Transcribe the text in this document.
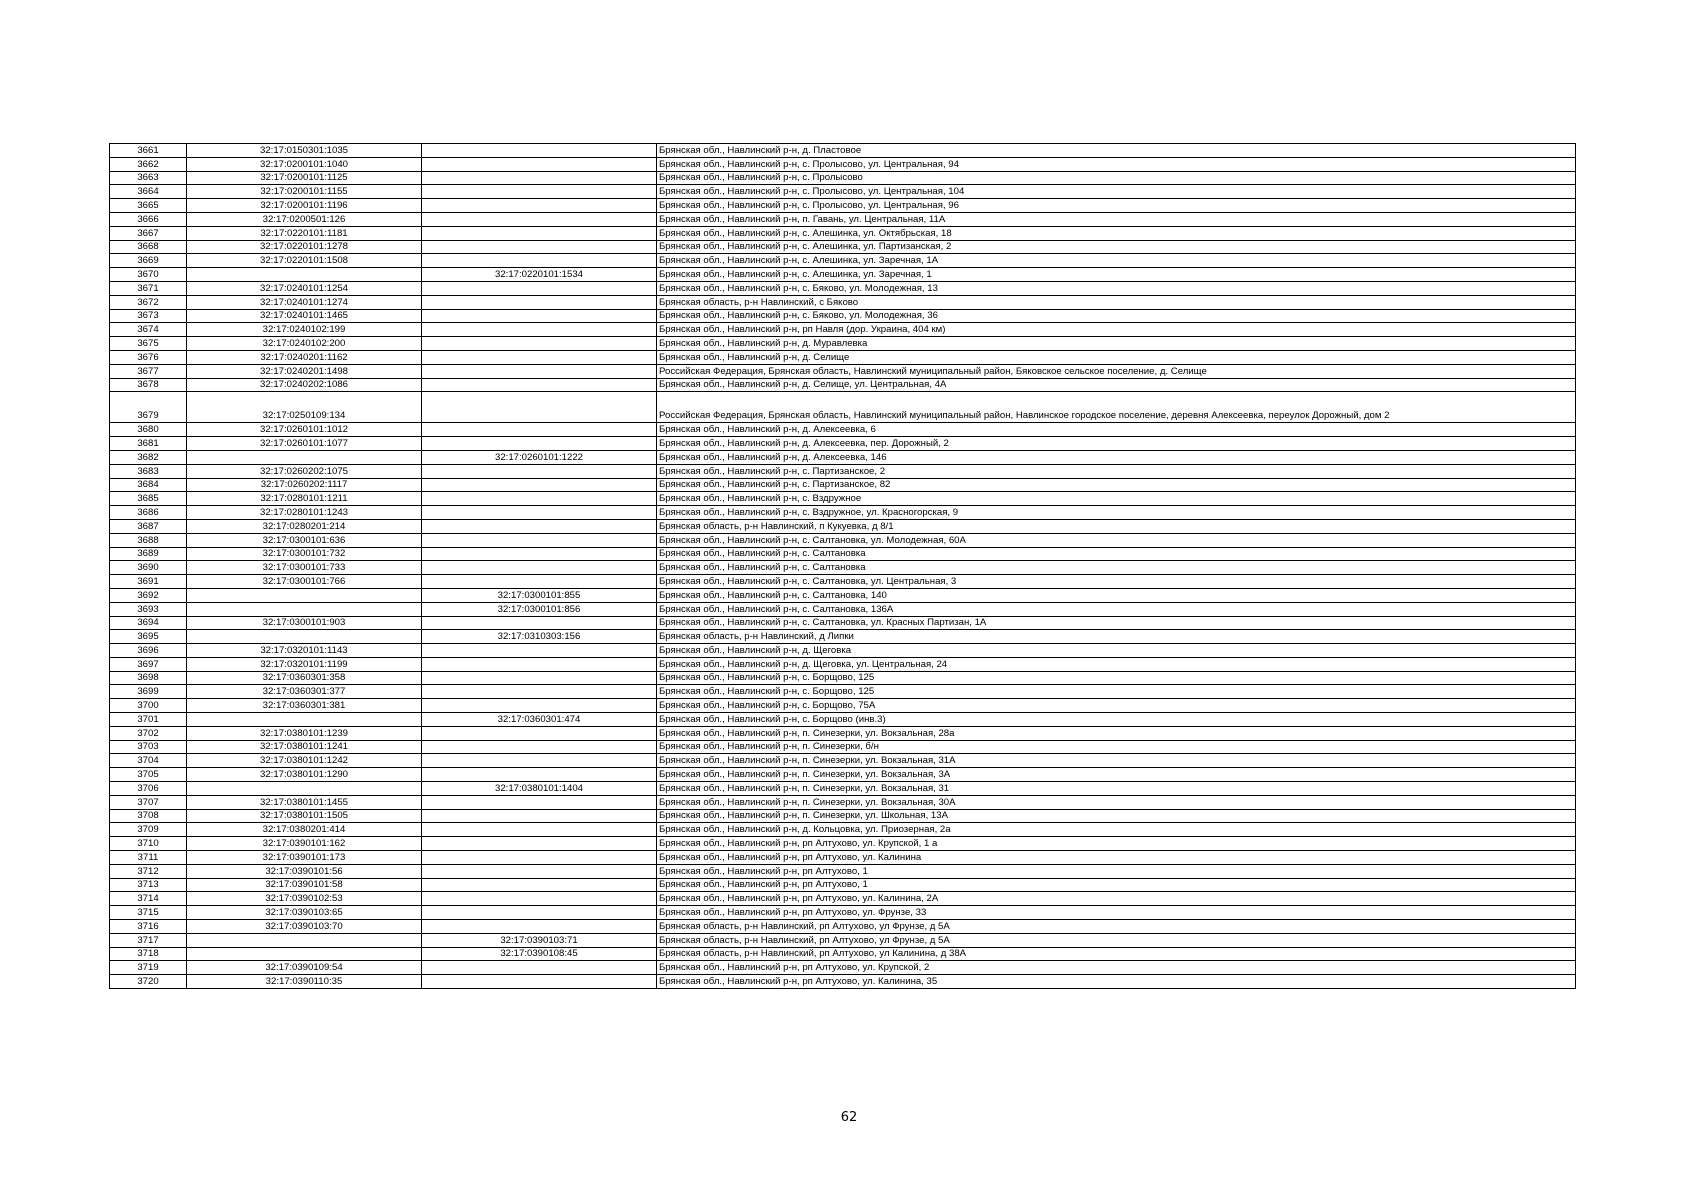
3661	32:17:0150301:1035		Брянская обл., Навлинский р-н, д. Пластовое
3662	32:17:0200101:1040		Брянская обл., Навлинский р-н, с. Пролысово, ул. Центральная, 94
3663	32:17:0200101:1125		Брянская обл., Навлинский р-н, с. Пролысово
3664	32:17:0200101:1155		Брянская обл., Навлинский р-н, с. Пролысово, ул. Центральная, 104
3665	32:17:0200101:1196		Брянская обл., Навлинский р-н, с. Пролысово, ул. Центральная, 96
3666	32:17:0200501:126		Брянская обл., Навлинский р-н, п. Гавань, ул. Центральная, 11А
3667	32:17:0220101:1181		Брянская обл., Навлинский р-н, с. Алешинка, ул. Октябрьская, 18
3668	32:17:0220101:1278		Брянская обл., Навлинский р-н, с. Алешинка, ул. Партизанская, 2
3669	32:17:0220101:1508		Брянская обл., Навлинский р-н, с. Алешинка, ул. Заречная, 1А
3670		32:17:0220101:1534	Брянская обл., Навлинский р-н, с. Алешинка, ул. Заречная, 1
3671	32:17:0240101:1254		Брянская обл., Навлинский р-н, с. Бяково, ул. Молодежная, 13
3672	32:17:0240101:1274		Брянская область, р-н Навлинский, с Бяково
3673	32:17:0240101:1465		Брянская обл., Навлинский р-н, с. Бяково, ул. Молодежная, 36
3674	32:17:0240102:199		Брянская обл., Навлинский р-н, рп Навля (дор. Украина, 404 км)
3675	32:17:0240102:200		Брянская обл., Навлинский р-н, д. Муравлевка
3676	32:17:0240201:1162		Брянская обл., Навлинский р-н, д. Селище
3677	32:17:0240201:1498		Российская Федерация, Брянская область, Навлинский муниципальный район, Бяковское сельское поселение, д. Селище
3678	32:17:0240202:1086		Брянская обл., Навлинский р-н, д. Селище, ул. Центральная, 4А
3679	32:17:0250109:134		Российская Федерация, Брянская область, Навлинский муниципальный район, Навлинское городское поселение, деревня Алексеевка, переулок Дорожный, дом 2
3680	32:17:0260101:1012		Брянская обл., Навлинский р-н, д. Алексеевка, 6
3681	32:17:0260101:1077		Брянская обл., Навлинский р-н, д. Алексеевка, пер. Дорожный, 2
3682		32:17:0260101:1222	Брянская обл., Навлинский р-н, д. Алексеевка, 146
3683	32:17:0260202:1075		Брянская обл., Навлинский р-н, с. Партизанское, 2
3684	32:17:0260202:1117		Брянская обл., Навлинский р-н, с. Партизанское, 82
3685	32:17:0280101:1211		Брянская обл., Навлинский р-н, с. Вздружное
3686	32:17:0280101:1243		Брянская обл., Навлинский р-н, с. Вздружное, ул. Красногорская, 9
3687	32:17:0280201:214		Брянская область, р-н Навлинский, п Кукуевка, д 8/1
3688	32:17:0300101:636		Брянская обл., Навлинский р-н, с. Салтановка, ул. Молодежная, 60А
3689	32:17:0300101:732		Брянская обл., Навлинский р-н, с. Салтановка
3690	32:17:0300101:733		Брянская обл., Навлинский р-н, с. Салтановка
3691	32:17:0300101:766		Брянская обл., Навлинский р-н, с. Салтановка, ул. Центральная, 3
3692		32:17:0300101:855	Брянская обл., Навлинский р-н, с. Салтановка, 140
3693		32:17:0300101:856	Брянская обл., Навлинский р-н, с. Салтановка, 136А
3694	32:17:0300101:903		Брянская обл., Навлинский р-н, с. Салтановка, ул. Красных Партизан, 1А
3695		32:17:0310303:156	Брянская область, р-н Навлинский, д Липки
3696	32:17:0320101:1143		Брянская обл., Навлинский р-н, д. Щеговка
3697	32:17:0320101:1199		Брянская обл., Навлинский р-н, д. Щеговка, ул. Центральная, 24
3698	32:17:0360301:358		Брянская обл., Навлинский р-н, с. Борщово, 125
3699	32:17:0360301:377		Брянская обл., Навлинский р-н, с. Борщово, 125
3700	32:17:0360301:381		Брянская обл., Навлинский р-н, с. Борщово, 75А
3701		32:17:0360301:474	Брянская обл., Навлинский р-н, с. Борщово (инв.3)
3702	32:17:0380101:1239		Брянская обл., Навлинский р-н, п. Синезерки, ул. Вокзальная, 28а
3703	32:17:0380101:1241		Брянская обл., Навлинский р-н, п. Синезерки, б/н
3704	32:17:0380101:1242		Брянская обл., Навлинский р-н, п. Синезерки, ул. Вокзальная, 31А
3705	32:17:0380101:1290		Брянская обл., Навлинский р-н, п. Синезерки, ул. Вокзальная, 3А
3706		32:17:0380101:1404	Брянская обл., Навлинский р-н, п. Синезерки, ул. Вокзальная, 31
3707	32:17:0380101:1455		Брянская обл., Навлинский р-н, п. Синезерки, ул. Вокзальная, 30А
3708	32:17:0380101:1505		Брянская обл., Навлинский р-н, п. Синезерки, ул. Школьная, 13А
3709	32:17:0380201:414		Брянская обл., Навлинский р-н, д. Кольцовка, ул. Приозерная, 2а
3710	32:17:0390101:162		Брянская обл., Навлинский р-н, рп Алтухово, ул. Крупской, 1 а
3711	32:17:0390101:173		Брянская обл., Навлинский р-н, рп Алтухово, ул. Калинина
3712	32:17:0390101:56		Брянская обл., Навлинский р-н, рп Алтухово, 1
3713	32:17:0390101:58		Брянская обл., Навлинский р-н, рп Алтухово, 1
3714	32:17:0390102:53		Брянская обл., Навлинский р-н, рп Алтухово, ул. Калинина, 2А
3715	32:17:0390103:65		Брянская обл., Навлинский р-н, рп Алтухово, ул. Фрунзе, 33
3716	32:17:0390103:70		Брянская область, р-н Навлинский, рп Алтухово, ул Фрунзе, д 5А
3717		32:17:0390103:71	Брянская область, р-н Навлинский, рп Алтухово, ул Фрунзе, д 5А
3718		32:17:0390108:45	Брянская область, р-н Навлинский, рп Алтухово, ул Калинина, д 38А
3719	32:17:0390109:54		Брянская обл., Навлинский р-н, рп Алтухово, ул. Крупской, 2
3720	32:17:0390110:35		Брянская обл., Навлинский р-н, рп Алтухово, ул. Калинина, 35
62
